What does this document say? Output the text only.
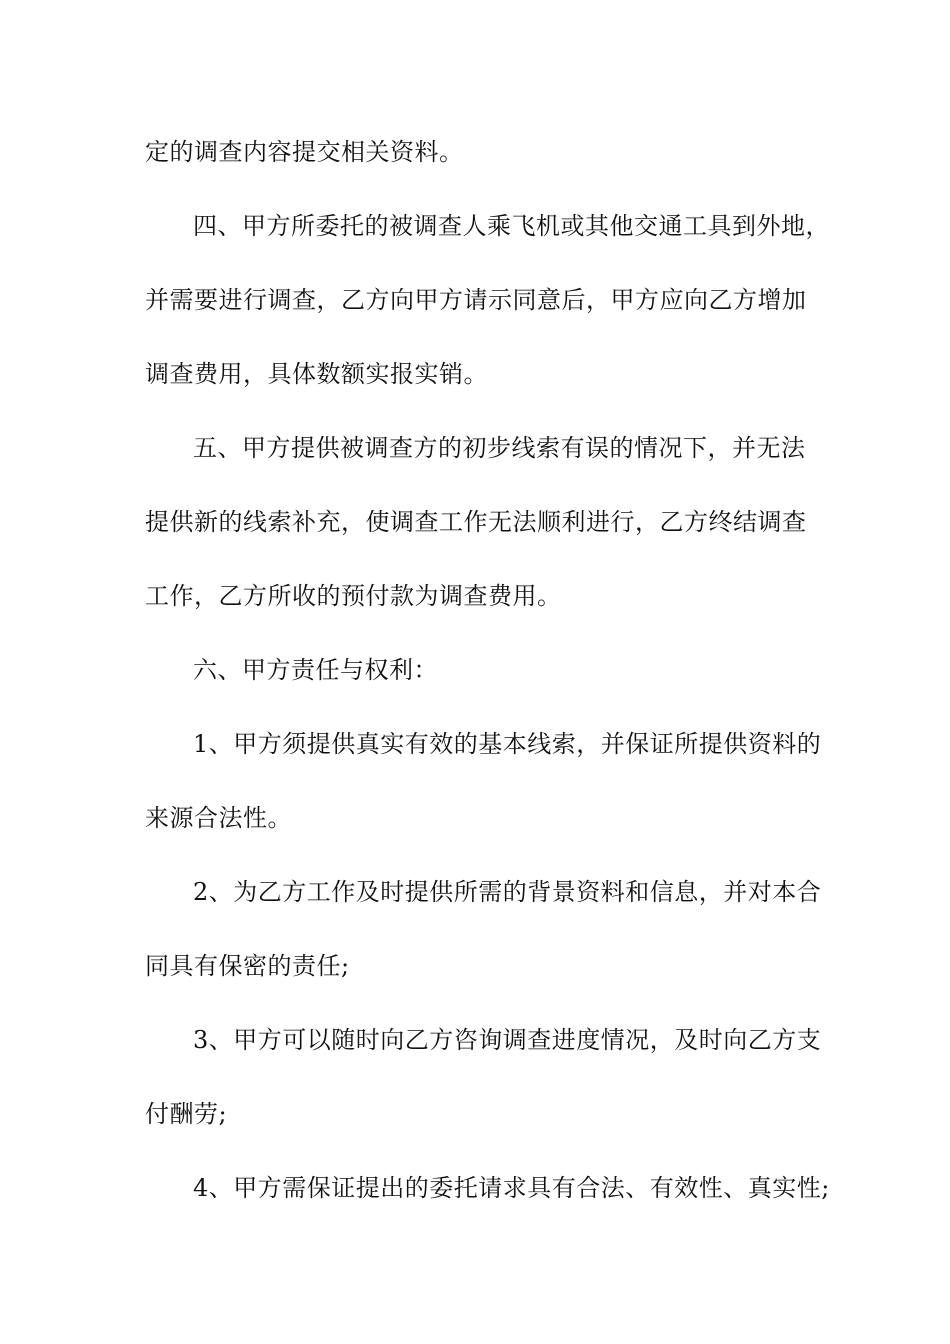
定的调查内容提交相关资料。
四、甲方所委托的被调查人乘飞机或其他交通工具到外地，
并需要进行调查，乙方向甲方请示同意后，甲方应向乙方增加
调查费用，具体数额实报实销。
五、甲方提供被调查方的初步线索有误的情况下，并无法
提供新的线索补充，使调查工作无法顺利进行，乙方终结调查
工作，乙方所收的预付款为调查费用。
六、甲方责任与权利：
1、甲方须提供真实有效的基本线索，并保证所提供资料的
来源合法性。
2、为乙方工作及时提供所需的背景资料和信息，并对本合
同具有保密的责任;
3、甲方可以随时向乙方咨询调查进度情况，及时向乙方支
付酬劳;
4、甲方需保证提出的委托请求具有合法、有效性、真实性;
